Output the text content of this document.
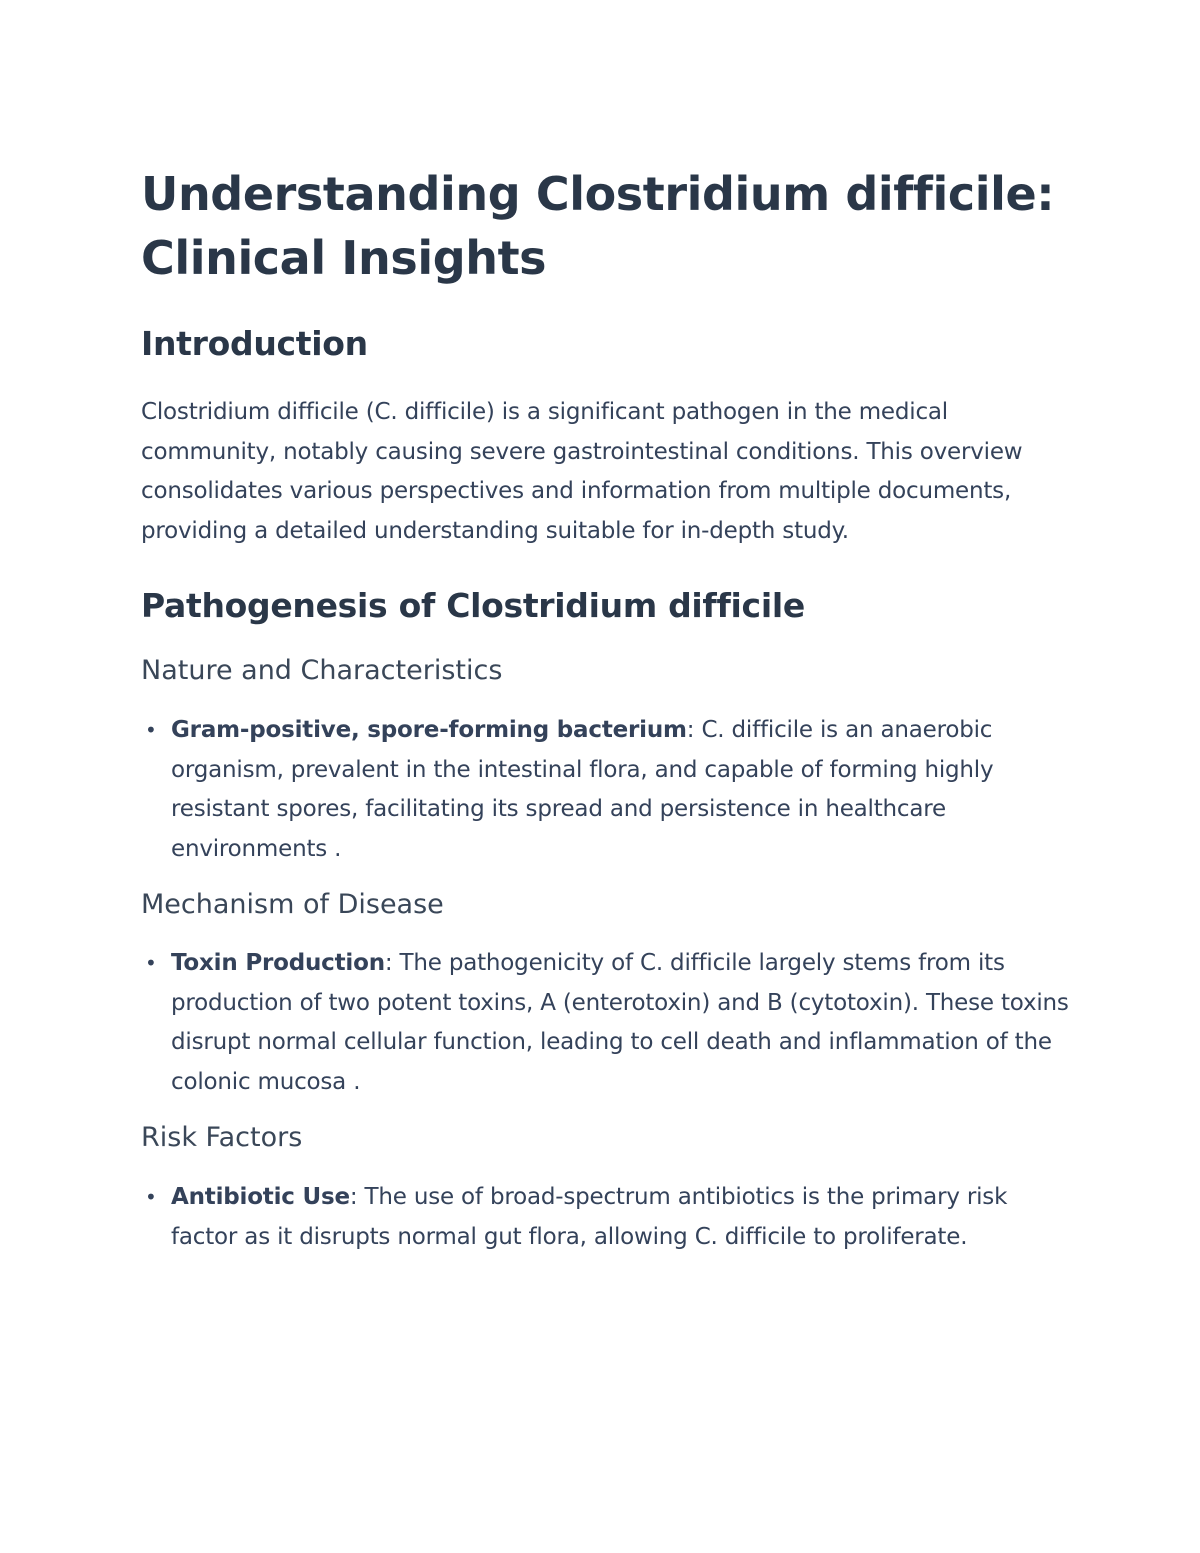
Understanding Clostridium difficile: Clinical Insights
Introduction

Clostridium difficile (C. difficile) is a significant pathogen in the medical community, notably causing severe gastrointestinal conditions. This overview consolidates various perspectives and information from multiple documents, providing a detailed understanding suitable for in-depth study.

Pathogenesis of Clostridium difficile
Nature and Characteristics
• Gram-positive, spore-forming bacterium: C. difficile is an anaerobic organism, prevalent in the intestinal flora, and capable of forming highly resistant spores, facilitating its spread and persistence in healthcare environments .
Mechanism of Disease
• Toxin Production: The pathogenicity of C. difficile largely stems from its production of two potent toxins, A (enterotoxin) and B (cytotoxin). These toxins disrupt normal cellular function, leading to cell death and inflammation of the colonic mucosa .
Risk Factors
• Antibiotic Use: The use of broad-spectrum antibiotics is the primary risk factor as it disrupts normal gut flora, allowing C. difficile to proliferate.
